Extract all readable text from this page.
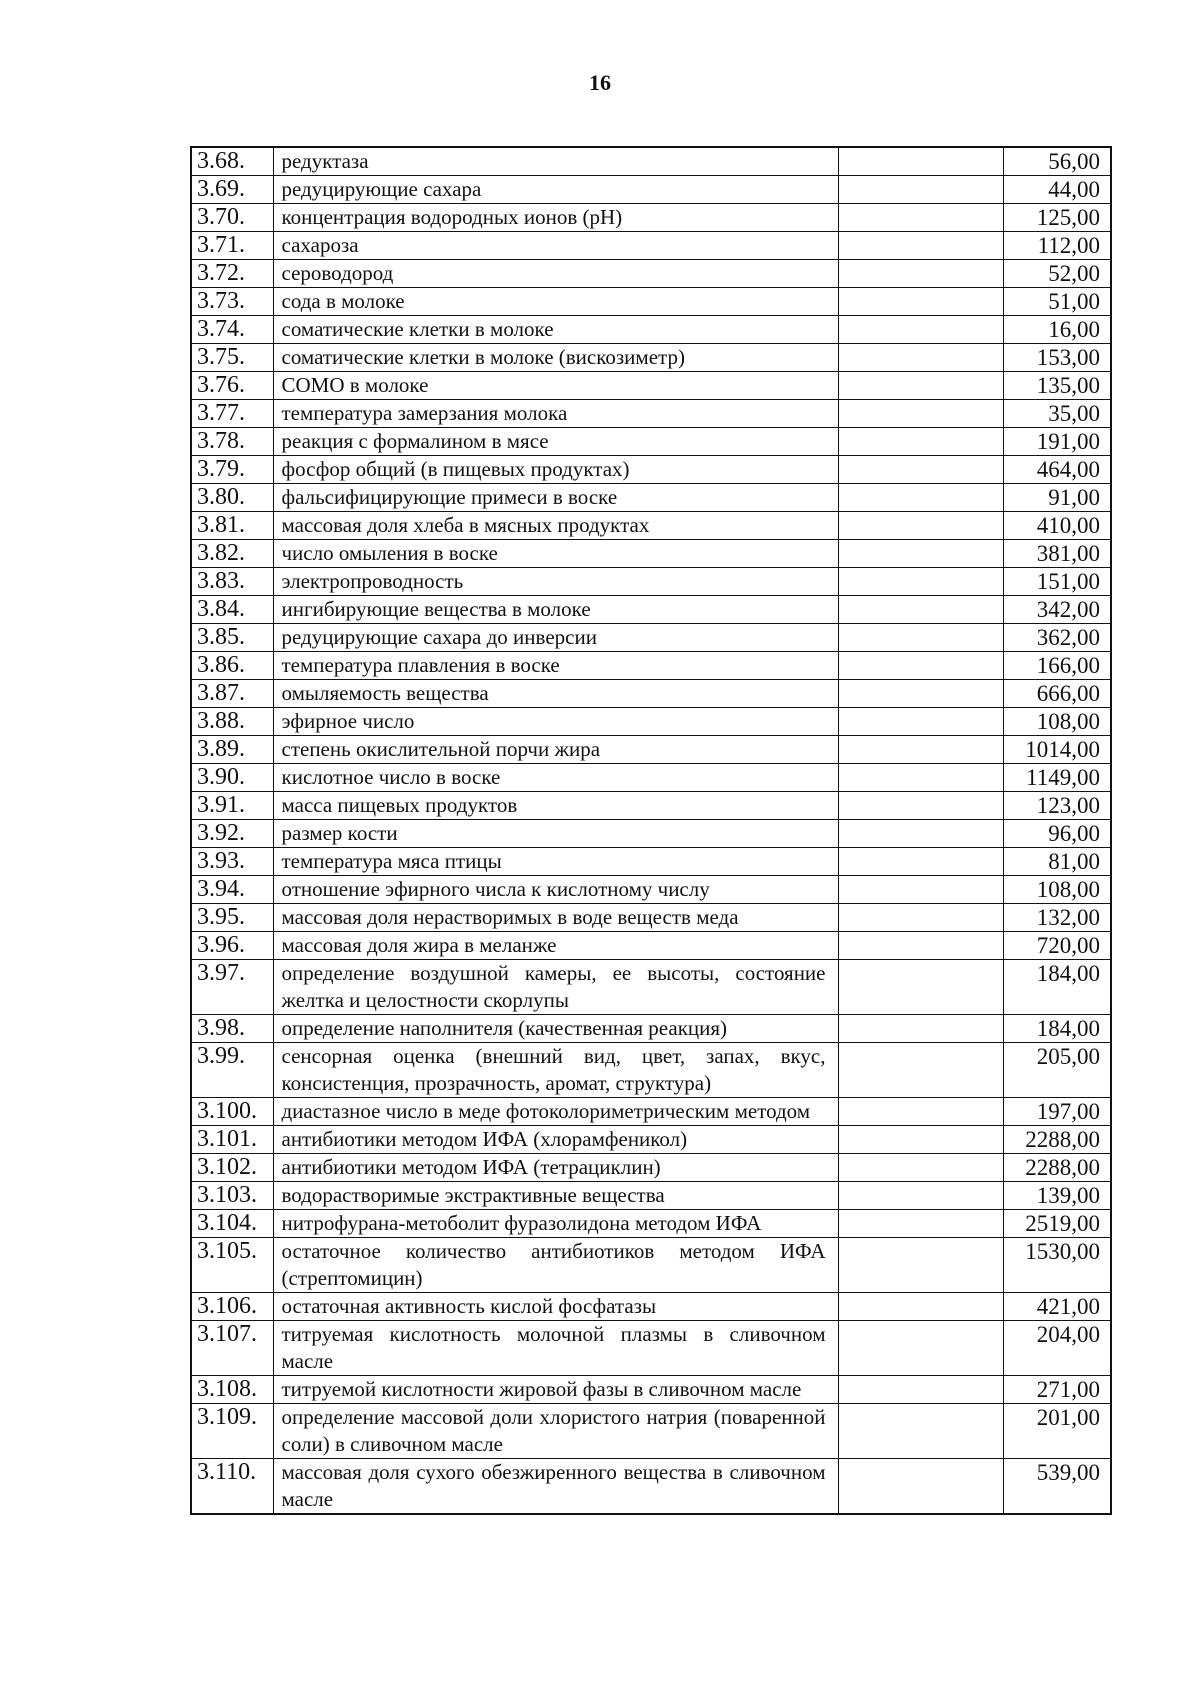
16
3.68.	редуктаза		56,00
3.69.	редуцирующие сахара		44,00
3.70.	концентрация водородных ионов (pH)		125,00
3.71.	сахароза		112,00
3.72.	сероводород		52,00
3.73.	сода в молоке		51,00
3.74.	соматические клетки в молоке		16,00
3.75.	соматические клетки в молоке (вискозиметр)		153,00
3.76.	СОМО в молоке		135,00
3.77.	температура замерзания молока		35,00
3.78.	реакция с формалином в мясе		191,00
3.79.	фосфор общий (в пищевых продуктах)		464,00
3.80.	фальсифицирующие примеси в воске		91,00
3.81.	массовая доля хлеба в мясных продуктах		410,00
3.82.	число омыления в воске		381,00
3.83.	электропроводность		151,00
3.84.	ингибирующие вещества в молоке		342,00
3.85.	редуцирующие сахара до инверсии		362,00
3.86.	температура плавления в воске		166,00
3.87.	омыляемость вещества		666,00
3.88.	эфирное число		108,00
3.89.	степень окислительной порчи жира		1014,00
3.90.	кислотное число в воске		1149,00
3.91.	масса пищевых продуктов		123,00
3.92.	размер кости		96,00
3.93.	температура мяса птицы		81,00
3.94.	отношение эфирного числа к кислотному числу		108,00
3.95.	массовая доля нерастворимых в воде веществ меда		132,00
3.96.	массовая доля жира в меланже		720,00
3.97.	определение воздушной камеры, ее высоты, состояние желтка и целостности скорлупы		184,00
3.98.	определение наполнителя (качественная реакция)		184,00
3.99.	сенсорная оценка (внешний вид, цвет, запах, вкус, консистенция, прозрачность, аромат, структура)		205,00
3.100.	диастазное число в меде фотоколориметрическим методом		197,00
3.101.	антибиотики методом ИФА (хлорамфеникол)		2288,00
3.102.	антибиотики методом ИФА (тетрациклин)		2288,00
3.103.	водорастворимые экстрактивные вещества		139,00
3.104.	нитрофурана-метоболит фуразолидона методом ИФА		2519,00
3.105.	остаточное количество антибиотиков методом ИФА (стрептомицин)		1530,00
3.106.	остаточная активность кислой фосфатазы		421,00
3.107.	титруемая кислотность молочной плазмы в сливочном масле		204,00
3.108.	титруемой кислотности жировой фазы в сливочном масле		271,00
3.109.	определение массовой доли хлористого натрия (поваренной соли) в сливочном масле		201,00
3.110.	массовая доля сухого обезжиренного вещества в сливочном масле		539,00
